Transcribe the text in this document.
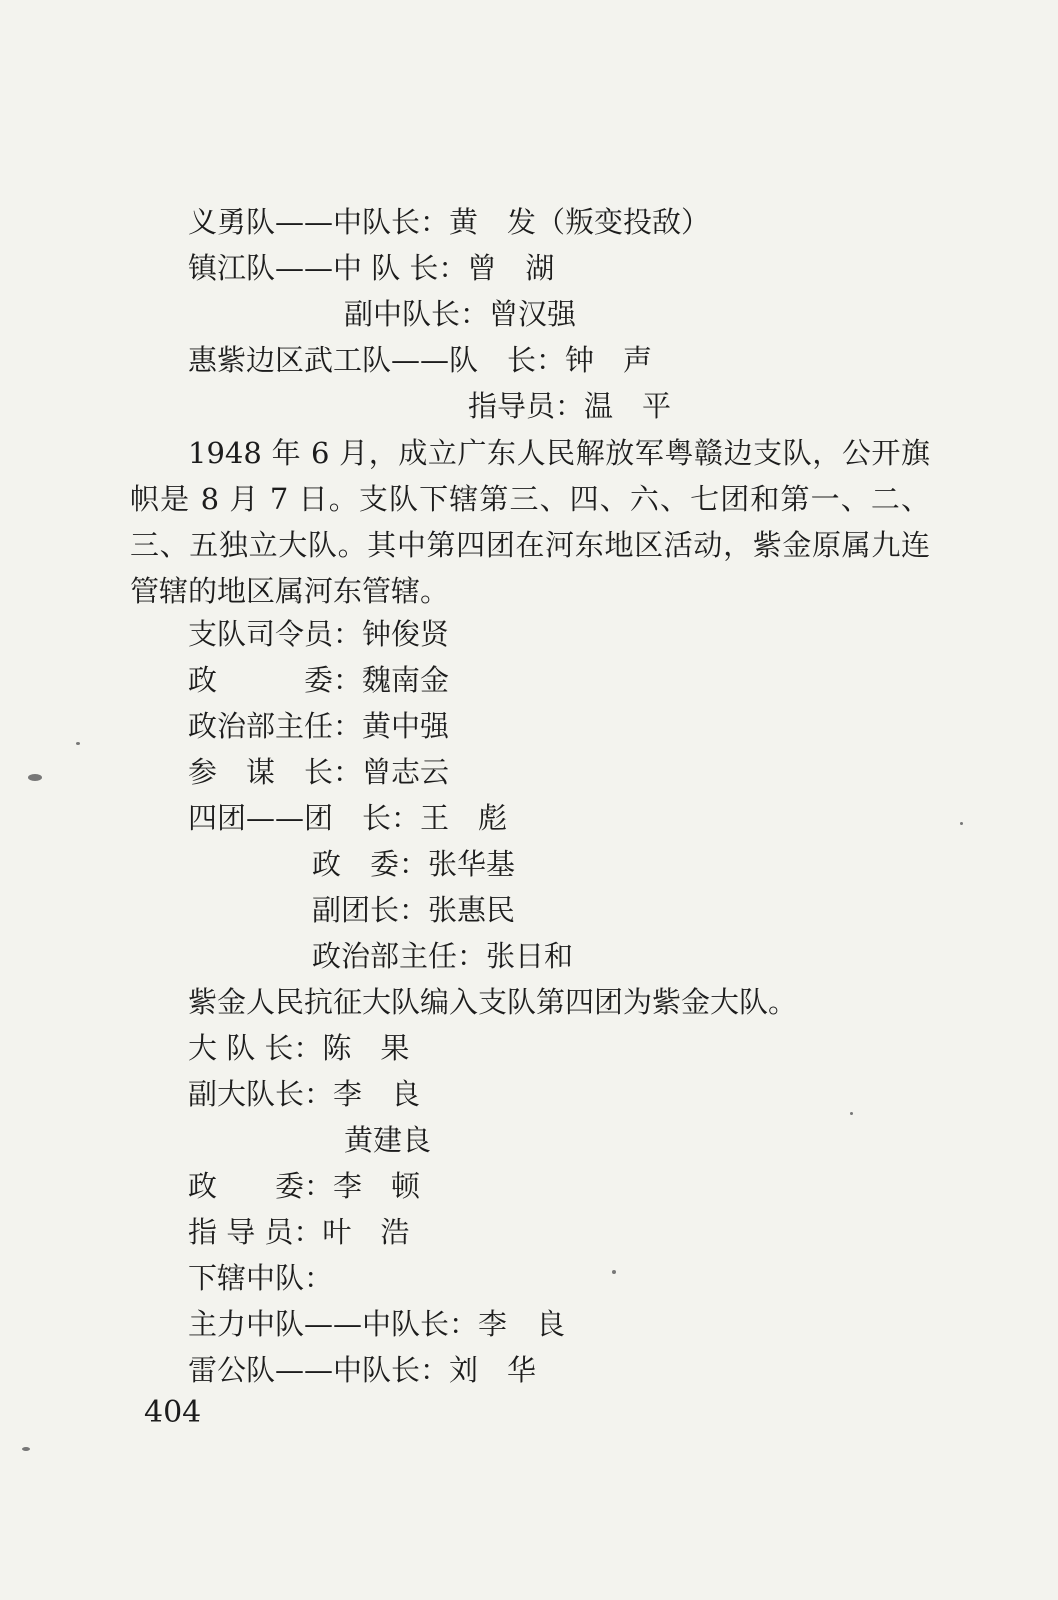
义勇队——中队长：黄　发（叛变投敌）
镇江队——中 队 长：曾　湖
副中队长：曾汉强
惠紫边区武工队——队　长：钟　声
指导员：温　平
1948 年 6 月，成立广东人民解放军粤赣边支队，公开旗帜是 8 月 7 日。支队下辖第三、四、六、七团和第一、二、三、五独立大队。其中第四团在河东地区活动，紫金原属九连管辖的地区属河东管辖。
支队司令员：钟俊贤
政　　　委：魏南金
政治部主任：黄中强
参　谋　长：曾志云
四团——团　长：王　彪
政　委：张华基
副团长：张惠民
政治部主任：张日和
紫金人民抗征大队编入支队第四团为紫金大队。
大 队 长：陈　果
副大队长：李　良
黄建良
政　　委：李　顿
指 导 员：叶　浩
下辖中队：
主力中队——中队长：李　良
雷公队——中队长：刘　华
404
